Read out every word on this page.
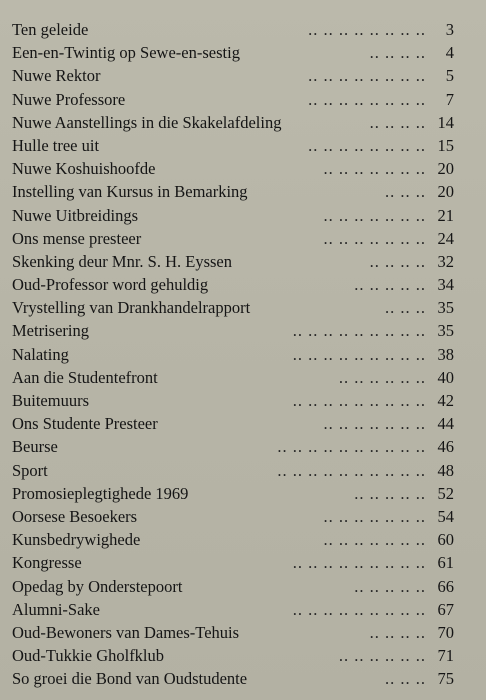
Ten geleide	.. .. .. .. .. .. .. ..	3
Een-en-Twintig op Sewe-en-sestig	.. .. .. ..	4
Nuwe Rektor	.. .. .. .. .. .. .. ..	5
Nuwe Professore	.. .. .. .. .. .. .. ..	7
Nuwe Aanstellings in die Skakelafdeling	.. .. .. .. 14
Hulle tree uit	.. .. .. .. .. .. .. .. 15
Nuwe Koshuishoofde	.. .. .. .. .. .. .. 20
Instelling van Kursus in Bemarking	.. .. .. 20
Nuwe Uitbreidings	.. .. .. .. .. .. .. 21
Ons mense presteer	.. .. .. .. .. .. .. 24
Skenking deur Mnr. S. H. Eyssen	.. .. .. .. 32
Oud-Professor word gehuldig	.. .. .. .. .. 34
Vrystelling van Drankhandelrapport	.. .. .. 35
Metrisering	.. .. .. .. .. .. .. .. .. 35
Nalating	.. .. .. .. .. .. .. .. .. 38
Aan die Studentefront	.. .. .. .. .. .. 40
Buitemuurs	.. .. .. .. .. .. .. .. .. 42
Ons Studente Presteer	.. .. .. .. .. .. .. 44
Beurse	.. .. .. .. .. .. .. .. .. .. 46
Sport	.. .. .. .. .. .. .. .. .. .. 48
Promosieplegtighede 1969	.. .. .. .. .. 52
Oorsese Besoekers	.. .. .. .. .. .. .. 54
Kunsbedrywighede	.. .. .. .. .. .. .. 60
Kongresse	.. .. .. .. .. .. .. .. .. 61
Opedag by Onderstepoort	.. .. .. .. .. 66
Alumni-Sake	.. .. .. .. .. .. .. .. .. 67
Oud-Bewoners van Dames-Tehuis	.. .. .. .. 70
Oud-Tukkie Gholfklub	.. .. .. .. .. .. 71
So groei die Bond van Oudstudente	.. .. .. 75
